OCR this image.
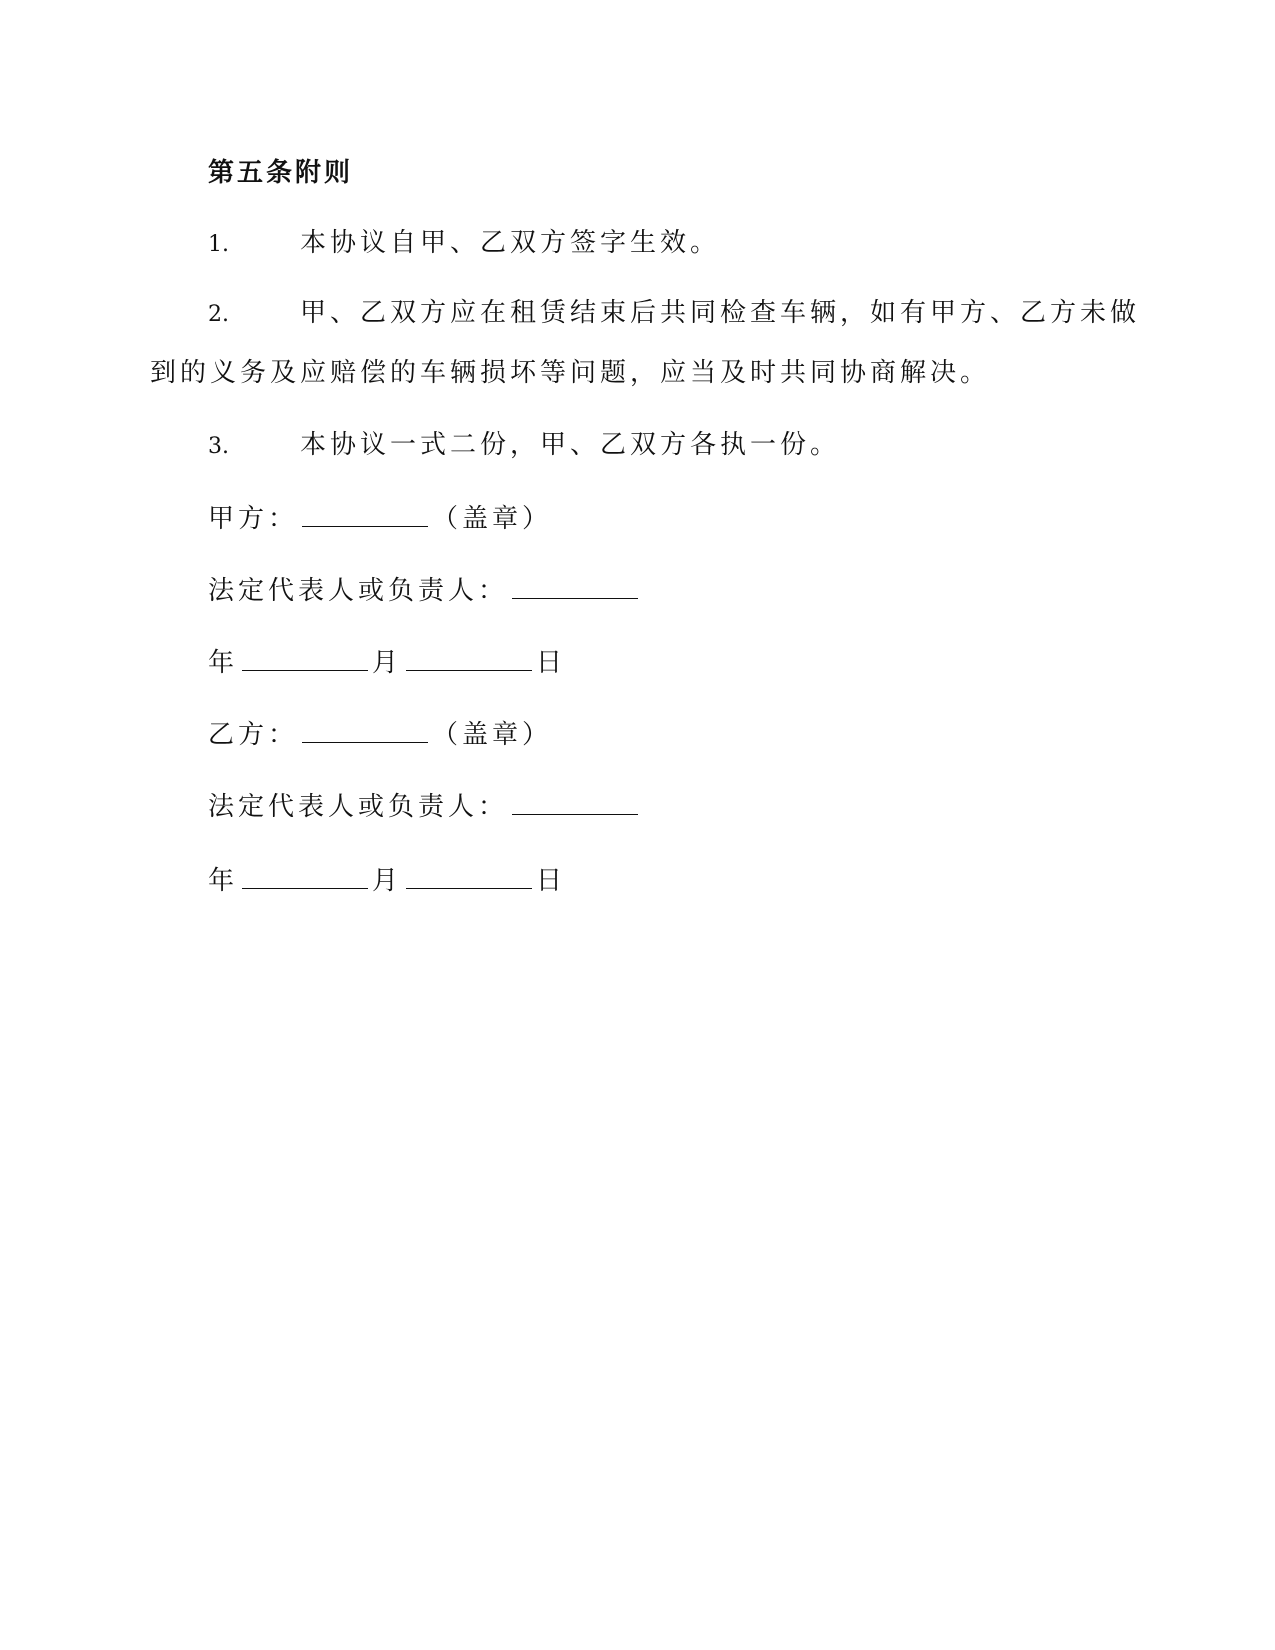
第五条附则
1.	本协议自甲、乙双方签字生效。
2.	甲、乙双方应在租赁结束后共同检查车辆，如有甲方、乙方未做
到的义务及应赔偿的车辆损坏等问题，应当及时共同协商解决。
3.	本协议一式二份，甲、乙双方各执一份。
甲方：	（盖章）
法定代表人或负责人：
年	月	日
乙方：	（盖章）
法定代表人或负责人：
年	月	日
